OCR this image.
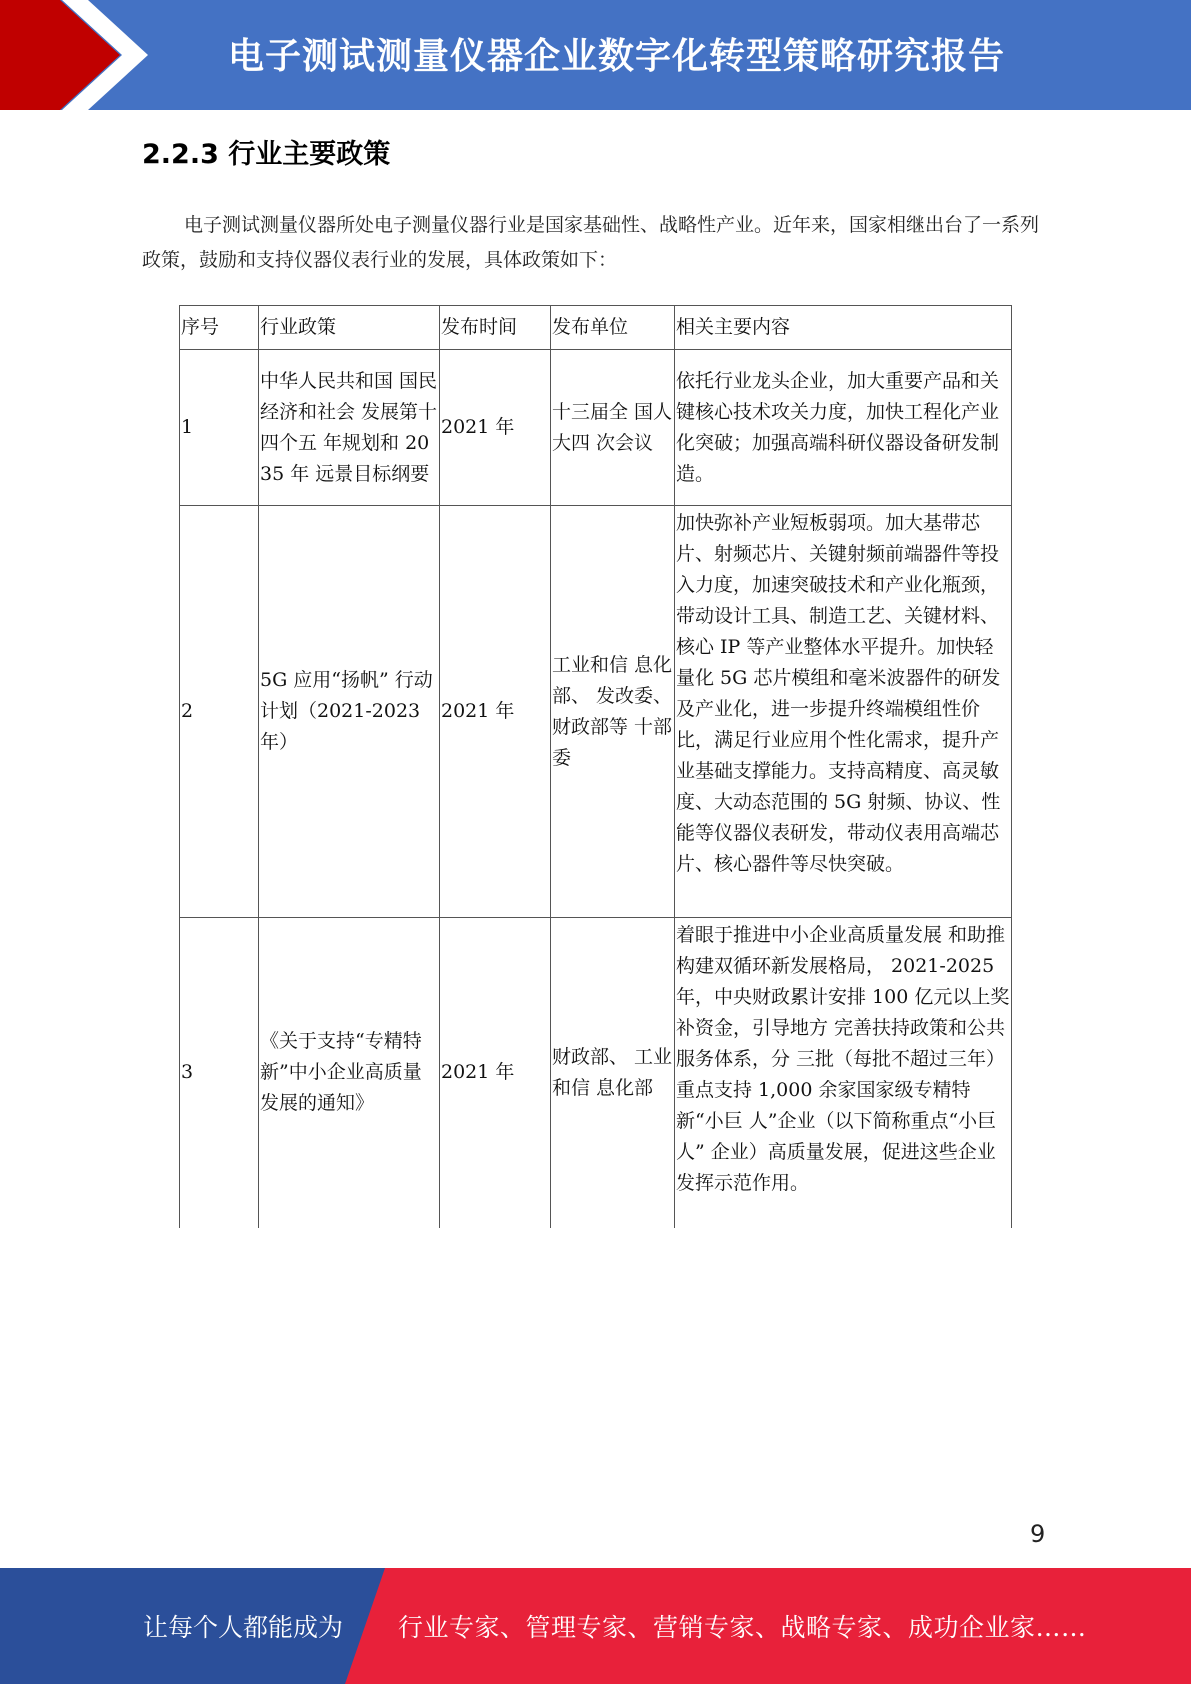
电子测试测量仪器企业数字化转型策略研究报告
2.2.3 行业主要政策
电子测试测量仪器所处电子测量仪器行业是国家基础性、战略性产业。近年来，国家相继出台了一系列政策，鼓励和支持仪器仪表行业的发展，具体政策如下：
序号	行业政策	发布时间	发布单位	相关主要内容
1	中华人民共和国 国民经济和社会 发展第十四个五 年规划和 2035 年 远景目标纲要	2021 年	十三届全 国人大四 次会议	依托行业龙头企业，加大重要产品和关键核心技术攻关力度，加快工程化产业化突破；加强高端科研仪器设备研发制造。
2	5G 应用“扬帆” 行动计划（2021-2023 年）	2021 年	工业和信 息化部、 发改委、财政部等 十部委	加快弥补产业短板弱项。加大基带芯片、射频芯片、关键射频前端器件等投入力度，加速突破技术和产业化瓶颈，带动设计工具、制造工艺、关键材料、核心 IP 等产业整体水平提升。加快轻量化 5G 芯片模组和毫米波器件的研发及产业化，进一步提升终端模组性价比，满足行业应用个性化需求，提升产业基础支撑能力。支持高精度、高灵敏度、大动态范围的 5G 射频、协议、性能等仪器仪表研发，带动仪表用高端芯片、核心器件等尽快突破。
3	《关于支持“专精特新”中小企业高质量发展的通知》	2021 年	财政部、 工业和信 息化部	着眼于推进中小企业高质量发展 和助推构建双循环新发展格局， 2021-2025 年，中央财政累计安排 100 亿元以上奖补资金，引导地方 完善扶持政策和公共服务体系，分 三批（每批不超过三年）重点支持 1,000 余家国家级专精特新“小巨 人”企业（以下简称重点“小巨人” 企业）高质量发展，促进这些企业 发挥示范作用。
9
让每个人都能成为 行业专家、管理专家、营销专家、战略专家、成功企业家……
